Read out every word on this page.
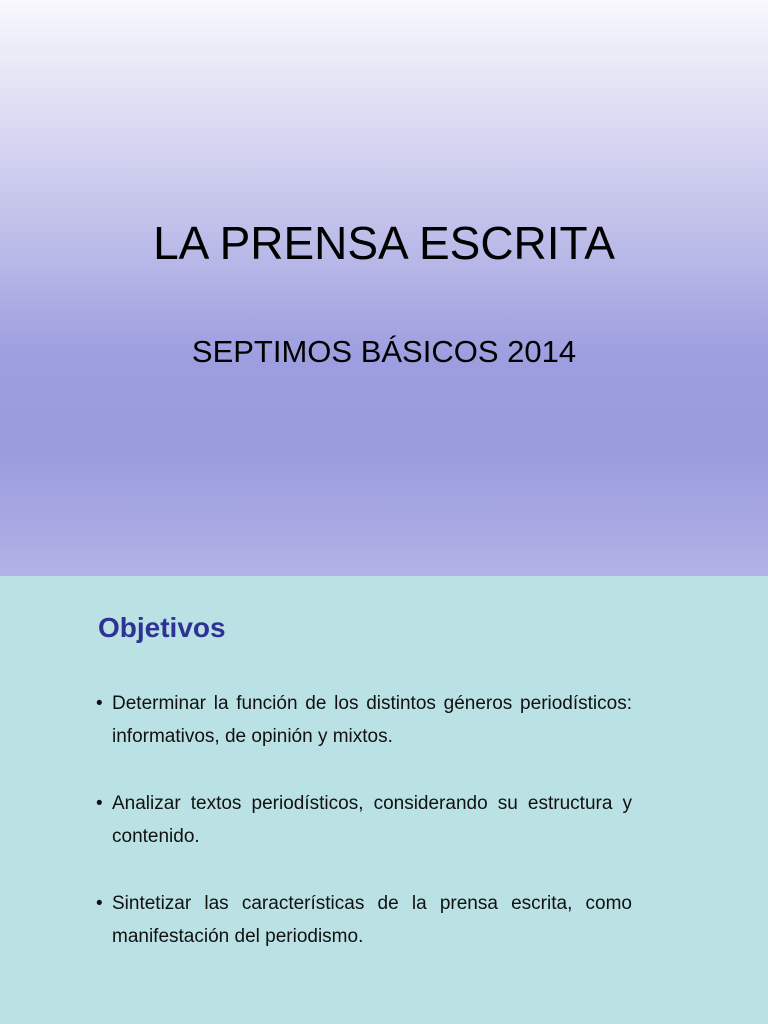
LA PRENSA ESCRITA
SEPTIMOS BÁSICOS 2014
Objetivos
• Determinar la función de los distintos géneros periodísticos: informativos, de opinión y mixtos.
• Analizar textos periodísticos, considerando su estructura y contenido.
• Sintetizar las características de la prensa escrita, como manifestación del periodismo.
